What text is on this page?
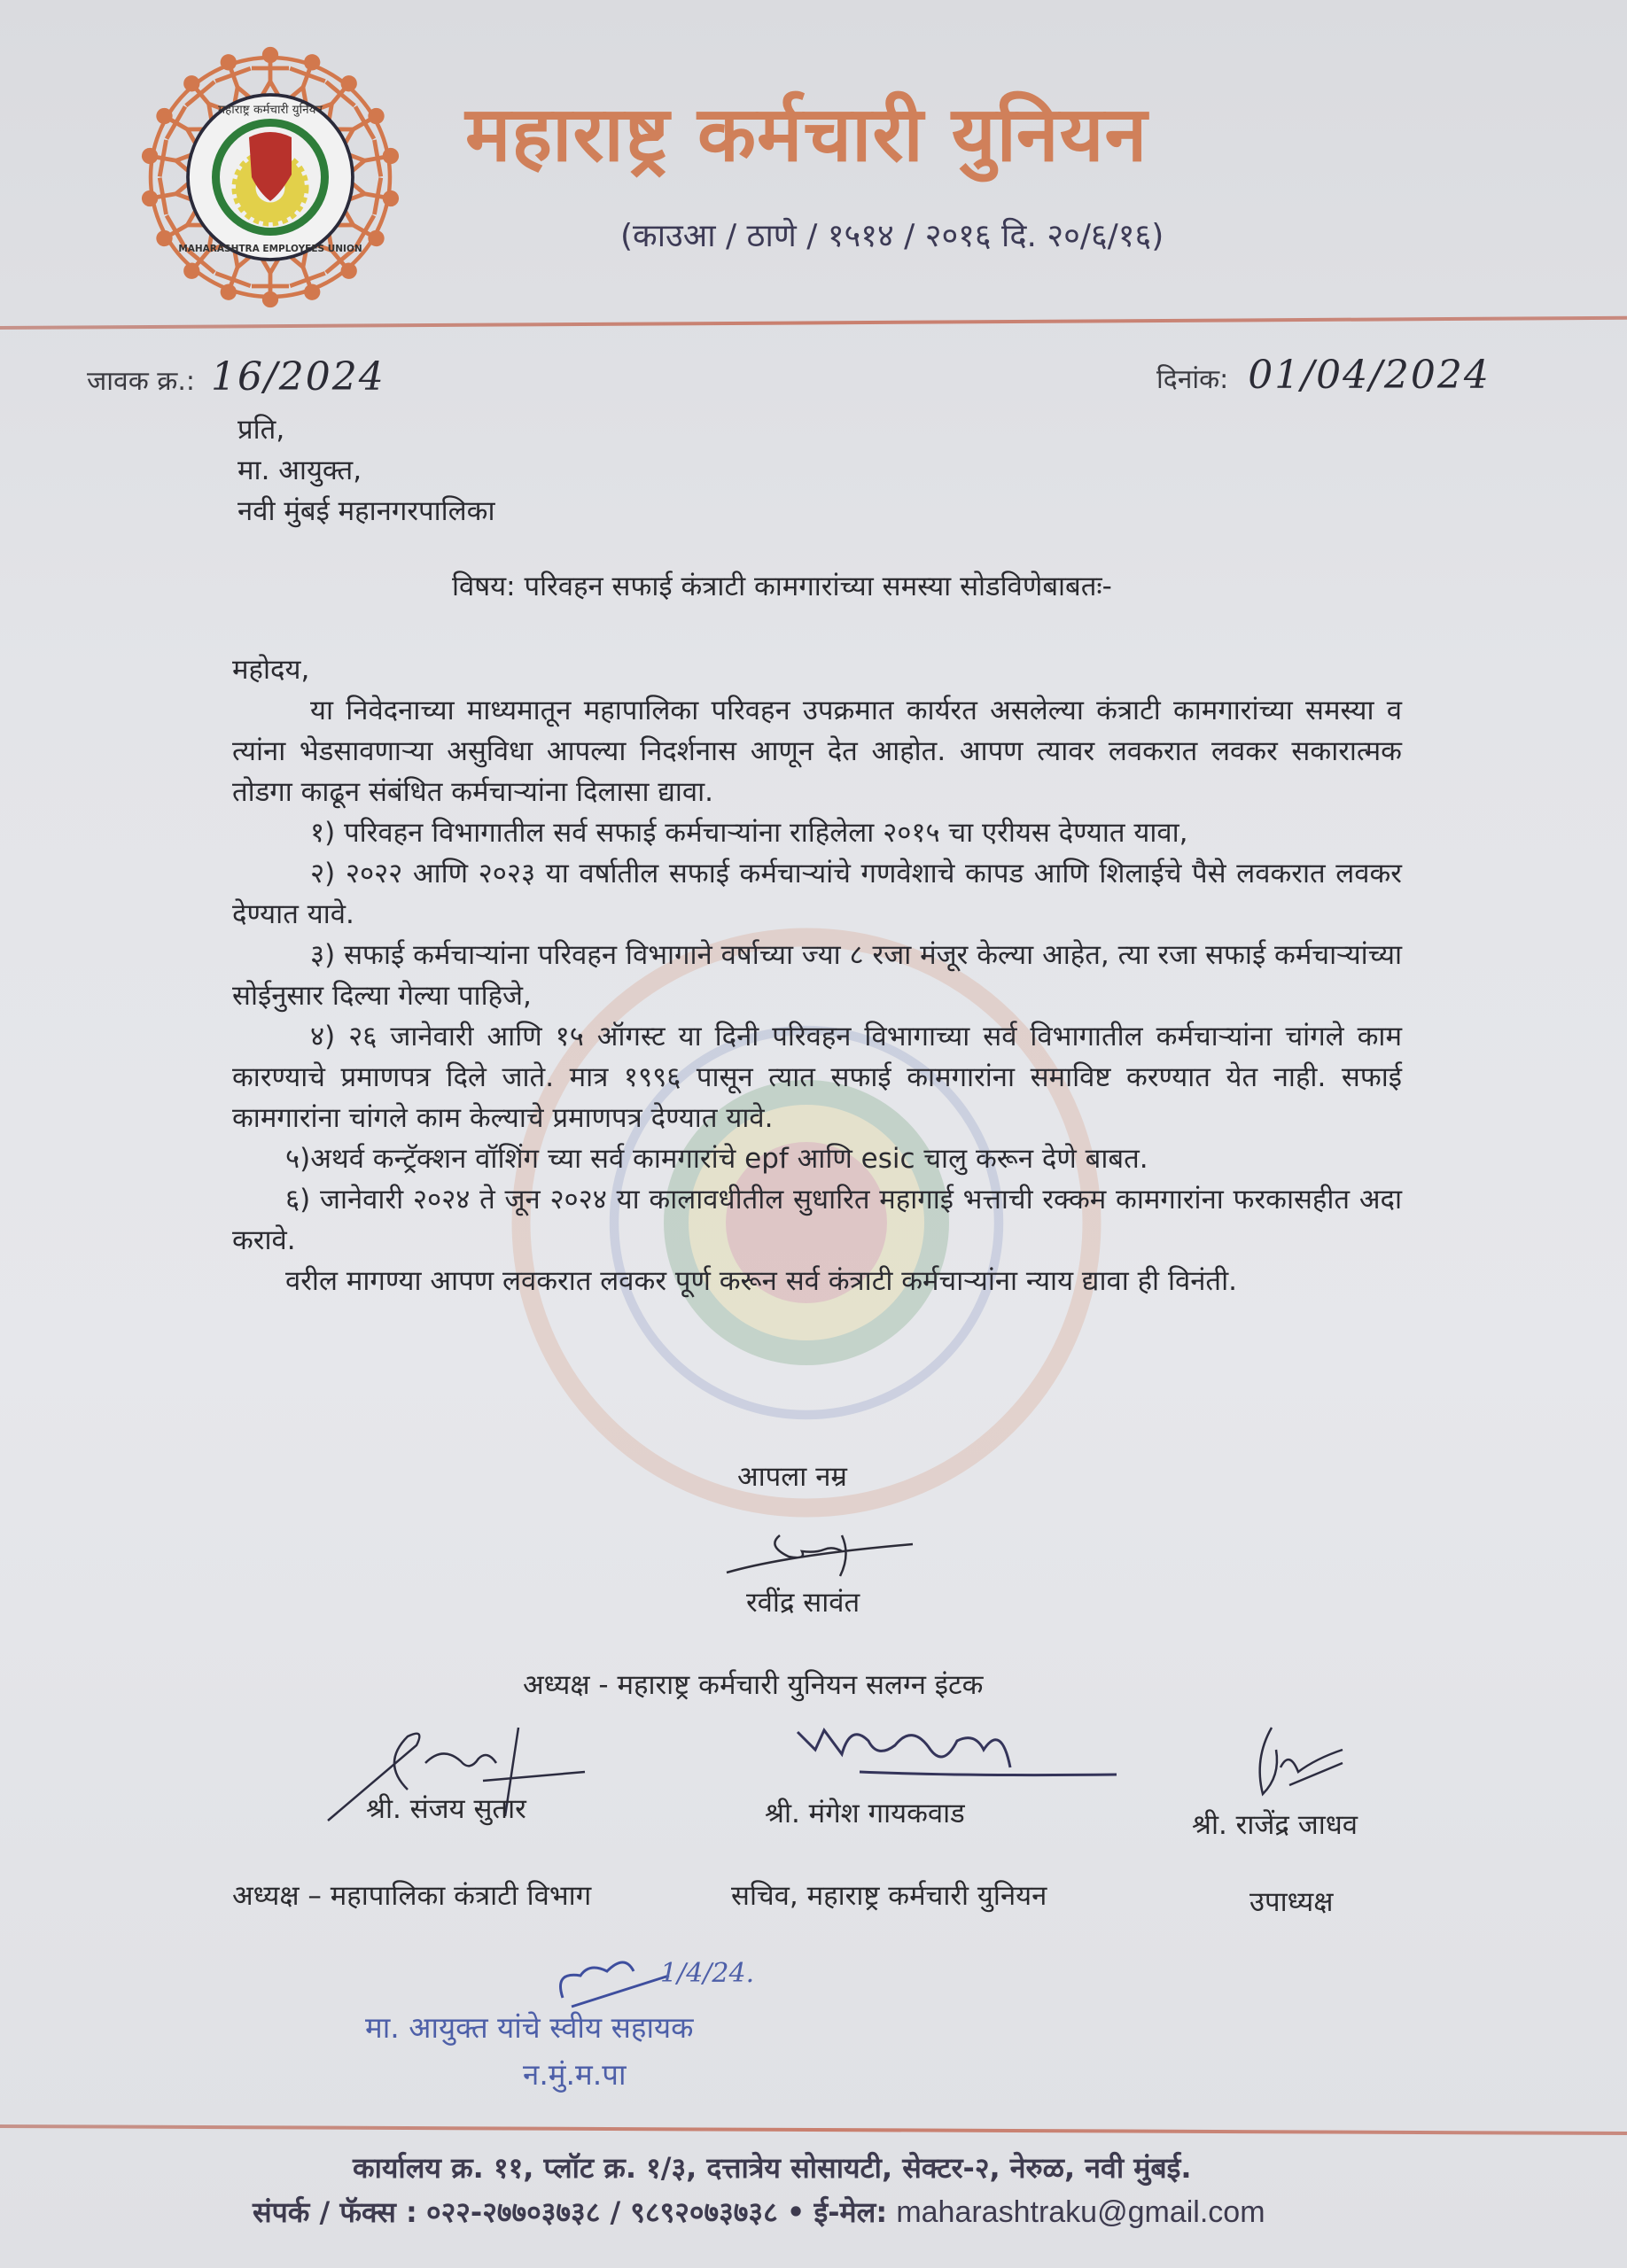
महाराष्ट्र कर्मचारी युनियन
MAHARASHTRA EMPLOYEES UNION
महाराष्ट्र कर्मचारी युनियन
(काउआ / ठाणे / १५१४ / २०१६ दि. २०/६/१६)
जावक क्र.: 16/2024	दिनांक: 01/04/2024
प्रति,
मा. आयुक्त,
नवी मुंबई महानगरपालिका
विषय: परिवहन सफाई कंत्राटी कामगारांच्या समस्या सोडविणेबाबतः-

महोदय,

या निवेदनाच्या माध्यमातून महापालिका परिवहन उपक्रमात कार्यरत असलेल्या कंत्राटी कामगारांच्या समस्या व त्यांना भेडसावणाऱ्या असुविधा आपल्या निदर्शनास आणून देत आहोत. आपण त्यावर लवकरात लवकर सकारात्मक तोडगा काढून संबंधित कर्मचाऱ्यांना दिलासा द्यावा.

१) परिवहन विभागातील सर्व सफाई कर्मचाऱ्यांना राहिलेला २०१५ चा एरीयस देण्यात यावा,

२) २०२२ आणि २०२३ या वर्षातील सफाई कर्मचाऱ्यांचे गणवेशाचे कापड आणि शिलाईचे पैसे लवकरात लवकर देण्यात यावे.

३) सफाई कर्मचाऱ्यांना परिवहन विभागाने वर्षाच्या ज्या ८ रजा मंजूर केल्या आहेत, त्या रजा सफाई कर्मचाऱ्यांच्या सोईनुसार दिल्या गेल्या पाहिजे,

४) २६ जानेवारी आणि १५ ऑगस्ट या दिनी परिवहन विभागाच्या सर्व विभागातील कर्मचाऱ्यांना चांगले काम कारण्याचे प्रमाणपत्र दिले जाते. मात्र १९९६ पासून त्यात सफाई कामगारांना समाविष्ट करण्यात येत नाही. सफाई कामगारांना चांगले काम केल्याचे प्रमाणपत्र देण्यात यावे.

५)अथर्व कन्ट्रॅक्शन वॉशिंग च्या सर्व कामगारांचे epf आणि esic चालु करून देणे बाबत.

६) जानेवारी २०२४ ते जून २०२४ या कालावधीतील सुधारित महागाई भत्ताची रक्कम कामगारांना फरकासहीत अदा करावे.

वरील मागण्या आपण लवकरात लवकर पूर्ण करून सर्व कंत्राटी कर्मचाऱ्यांना न्याय द्यावा ही विनंती.

आपला नम्र
रवींद्र सावंत
अध्यक्ष - महाराष्ट्र कर्मचारी युनियन सलग्न इंटक
श्री. संजय सुतार	श्री. मंगेश गायकवाड	श्री. राजेंद्र जाधव
अध्यक्ष – महापालिका कंत्राटी विभाग	सचिव, महाराष्ट्र कर्मचारी युनियन	उपाध्यक्ष
1/4/24.
मा. आयुक्त यांचे स्वीय सहायक
न.मुं.म.पा
कार्यालय क्र. ११, प्लॉट क्र. १/३, दत्तात्रेय सोसायटी, सेक्टर-२, नेरुळ, नवी मुंबई.
संपर्क / फॅक्स : ०२२-२७७०३७३८ / ९८९२०७३७३८ • ई-मेल: maharashtraku@gmail.com
